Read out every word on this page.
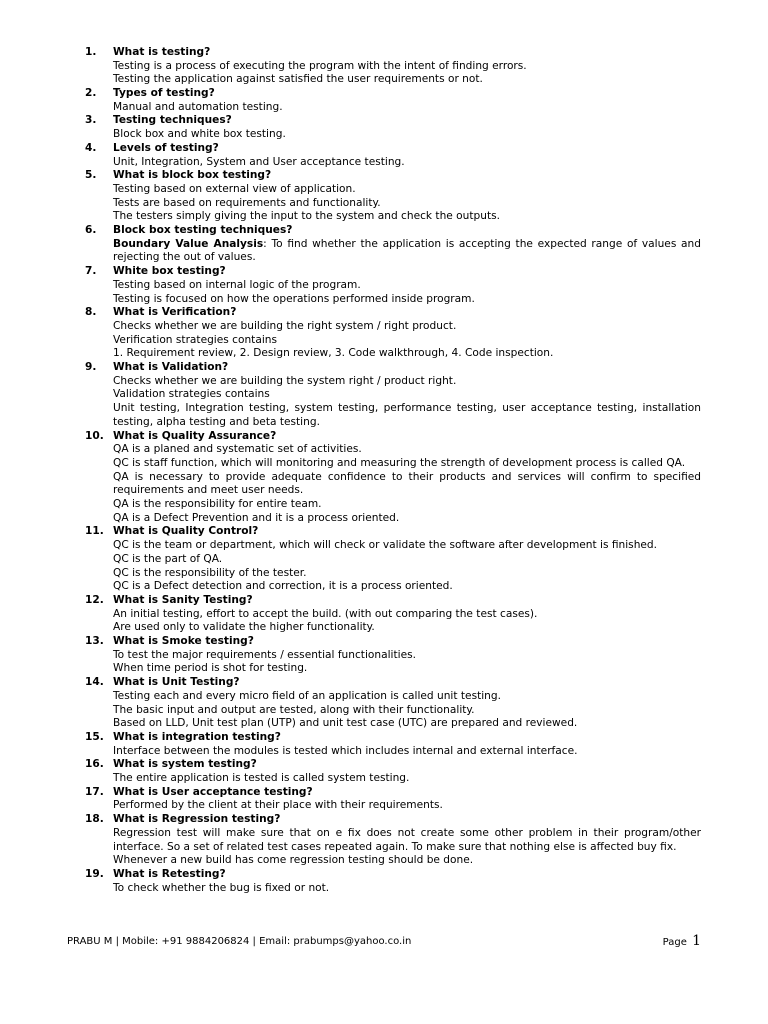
1.	What is testing?
Testing is a process of executing the program with the intent of finding errors.
Testing the application against satisfied the user requirements or not.
2.	Types of testing?
Manual and automation testing.
3.	Testing techniques?
Block box and white box testing.
4.	Levels of testing?
Unit, Integration, System and User acceptance testing.
5.	What is block box testing?
Testing based on external view of application.
Tests are based on requirements and functionality.
The testers simply giving the input to the system and check the outputs.
6.	Block box testing techniques?
Boundary Value Analysis: To find whether the application is accepting the expected range of values and rejecting the out of values.
7.	White box testing?
Testing based on internal logic of the program.
Testing is focused on how the operations performed inside program.
8.	What is Verification?
Checks whether we are building the right system / right product.
Verification strategies contains
1. Requirement review, 2. Design review, 3. Code walkthrough, 4. Code inspection.
9.	What is Validation?
Checks whether we are building the system right / product right.
Validation strategies contains
Unit testing, Integration testing, system testing, performance testing, user acceptance testing, installation testing, alpha testing and beta testing.
10. What is Quality Assurance?
QA is a planed and systematic set of activities.
QC is staff function, which will monitoring and measuring the strength of development process is called QA.
QA is necessary to provide adequate confidence to their products and services will confirm to specified requirements and meet user needs.
QA is the responsibility for entire team.
QA is a Defect Prevention and it is a process oriented.
11. What is Quality Control?
QC is the team or department, which will check or validate the software after development is finished.
QC is the part of QA.
QC is the responsibility of the tester.
QC is a Defect detection and correction, it is a process oriented.
12. What is Sanity Testing?
An initial testing, effort to accept the build. (with out comparing the test cases).
Are used only to validate the higher functionality.
13. What is Smoke testing?
To test the major requirements / essential functionalities.
When time period is shot for testing.
14. What is Unit Testing?
Testing each and every micro field of an application is called unit testing.
The basic input and output are tested, along with their functionality.
Based on LLD, Unit test plan (UTP) and unit test case (UTC) are prepared and reviewed.
15. What is integration testing?
Interface between the modules is tested which includes internal and external interface.
16. What is system testing?
The entire application is tested is called system testing.
17. What is User acceptance testing?
Performed by the client at their place with their requirements.
18. What is Regression testing?
Regression test will make sure that on e fix does not create some other problem in their program/other interface. So a set of related test cases repeated again. To make sure that nothing else is affected buy fix.
Whenever a new build has come regression testing should be done.
19. What is Retesting?
To check whether the bug is fixed or not.
PRABU M | Mobile: +91 9884206824 | Email: prabumps@yahoo.co.in	Page 1
